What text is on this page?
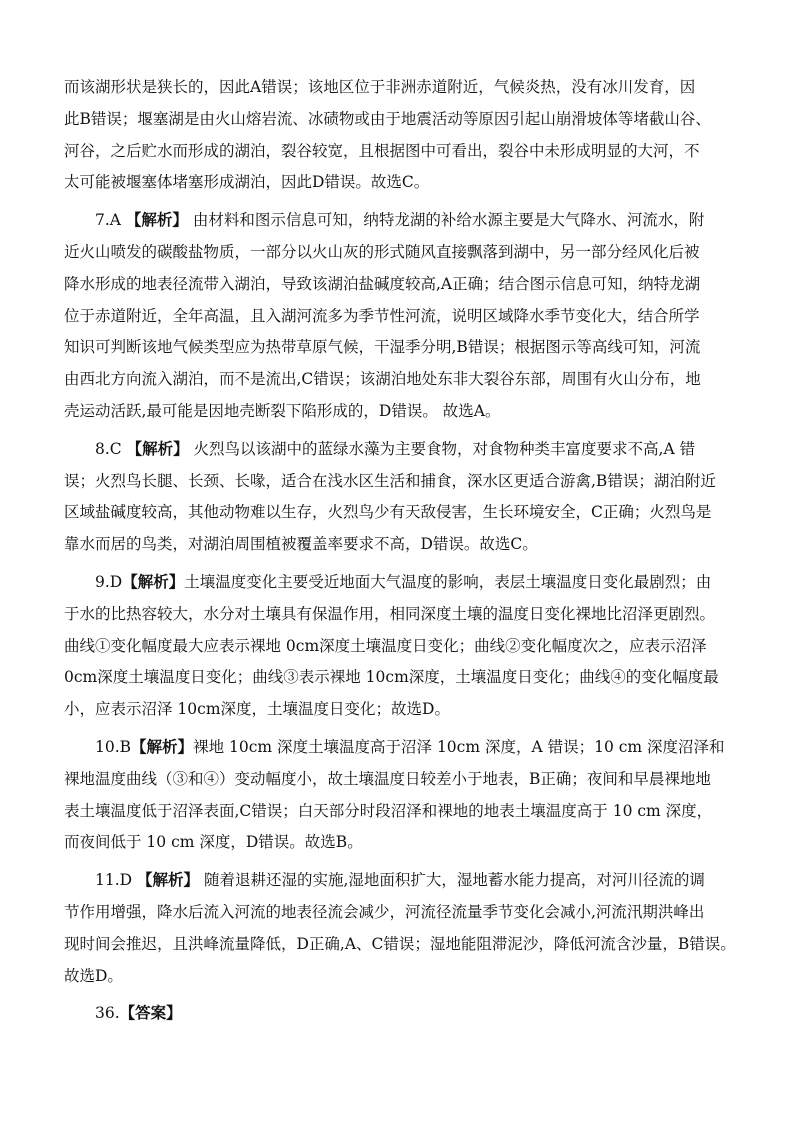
而该湖形状是狭长的，因此A错误；该地区位于非洲赤道附近，气候炎热，没有冰川发育，因
此B错误；堰塞湖是由火山熔岩流、冰碛物或由于地震活动等原因引起山崩滑坡体等堵截山谷、
河谷，之后贮水而形成的湖泊，裂谷较宽，且根据图中可看出，裂谷中未形成明显的大河，不
太可能被堰塞体堵塞形成湖泊，因此D错误。故选C。

7.A 【解析】 由材料和图示信息可知，纳特龙湖的补给水源主要是大气降水、河流水，附
近火山喷发的碳酸盐物质，一部分以火山灰的形式随风直接飘落到湖中，另一部分经风化后被
降水形成的地表径流带入湖泊，导致该湖泊盐碱度较高,A正确；结合图示信息可知，纳特龙湖
位于赤道附近，全年高温，且入湖河流多为季节性河流，说明区域降水季节变化大，结合所学
知识可判断该地气候类型应为热带草原气候，干湿季分明,B错误；根据图示等高线可知，河流
由西北方向流入湖泊，而不是流出,C错误；该湖泊地处东非大裂谷东部，周围有火山分布，地
壳运动活跃,最可能是因地壳断裂下陷形成的，D错误。 故选A。

8.C 【解析】 火烈鸟以该湖中的蓝绿水藻为主要食物，对食物种类丰富度要求不高,A 错
误；火烈鸟长腿、长颈、长喙，适合在浅水区生活和捕食，深水区更适合游禽,B错误；湖泊附近
区域盐碱度较高，其他动物难以生存，火烈鸟少有天敌侵害，生长环境安全，C正确；火烈鸟是
靠水而居的鸟类，对湖泊周围植被覆盖率要求不高，D错误。故选C。

9.D【解析】土壤温度变化主要受近地面大气温度的影响，表层土壤温度日变化最剧烈；由
于水的比热容较大，水分对土壤具有保温作用，相同深度土壤的温度日变化裸地比沼泽更剧烈。
曲线①变化幅度最大应表示裸地 0cm深度土壤温度日变化；曲线②变化幅度次之，应表示沼泽
0cm深度土壤温度日变化；曲线③表示裸地 10cm深度，土壤温度日变化；曲线④的变化幅度最
小，应表示沼泽 10cm深度，土壤温度日变化；故选D。

10.B【解析】裸地 10cm 深度土壤温度高于沼泽 10cm 深度，A 错误；10 cm 深度沼泽和
裸地温度曲线（③和④）变动幅度小，故土壤温度日较差小于地表，B正确；夜间和早晨裸地地
表土壤温度低于沼泽表面,C错误；白天部分时段沼泽和裸地的地表土壤温度高于 10 cm 深度，
而夜间低于 10 cm 深度，D错误。故选B。

11.D 【解析】 随着退耕还湿的实施,湿地面积扩大，湿地蓄水能力提高，对河川径流的调
节作用增强，降水后流入河流的地表径流会减少，河流径流量季节变化会减小,河流汛期洪峰出
现时间会推迟，且洪峰流量降低，D正确,A、C错误；湿地能阻滞泥沙，降低河流含沙量，B错误。
故选D。

36.【答案】
